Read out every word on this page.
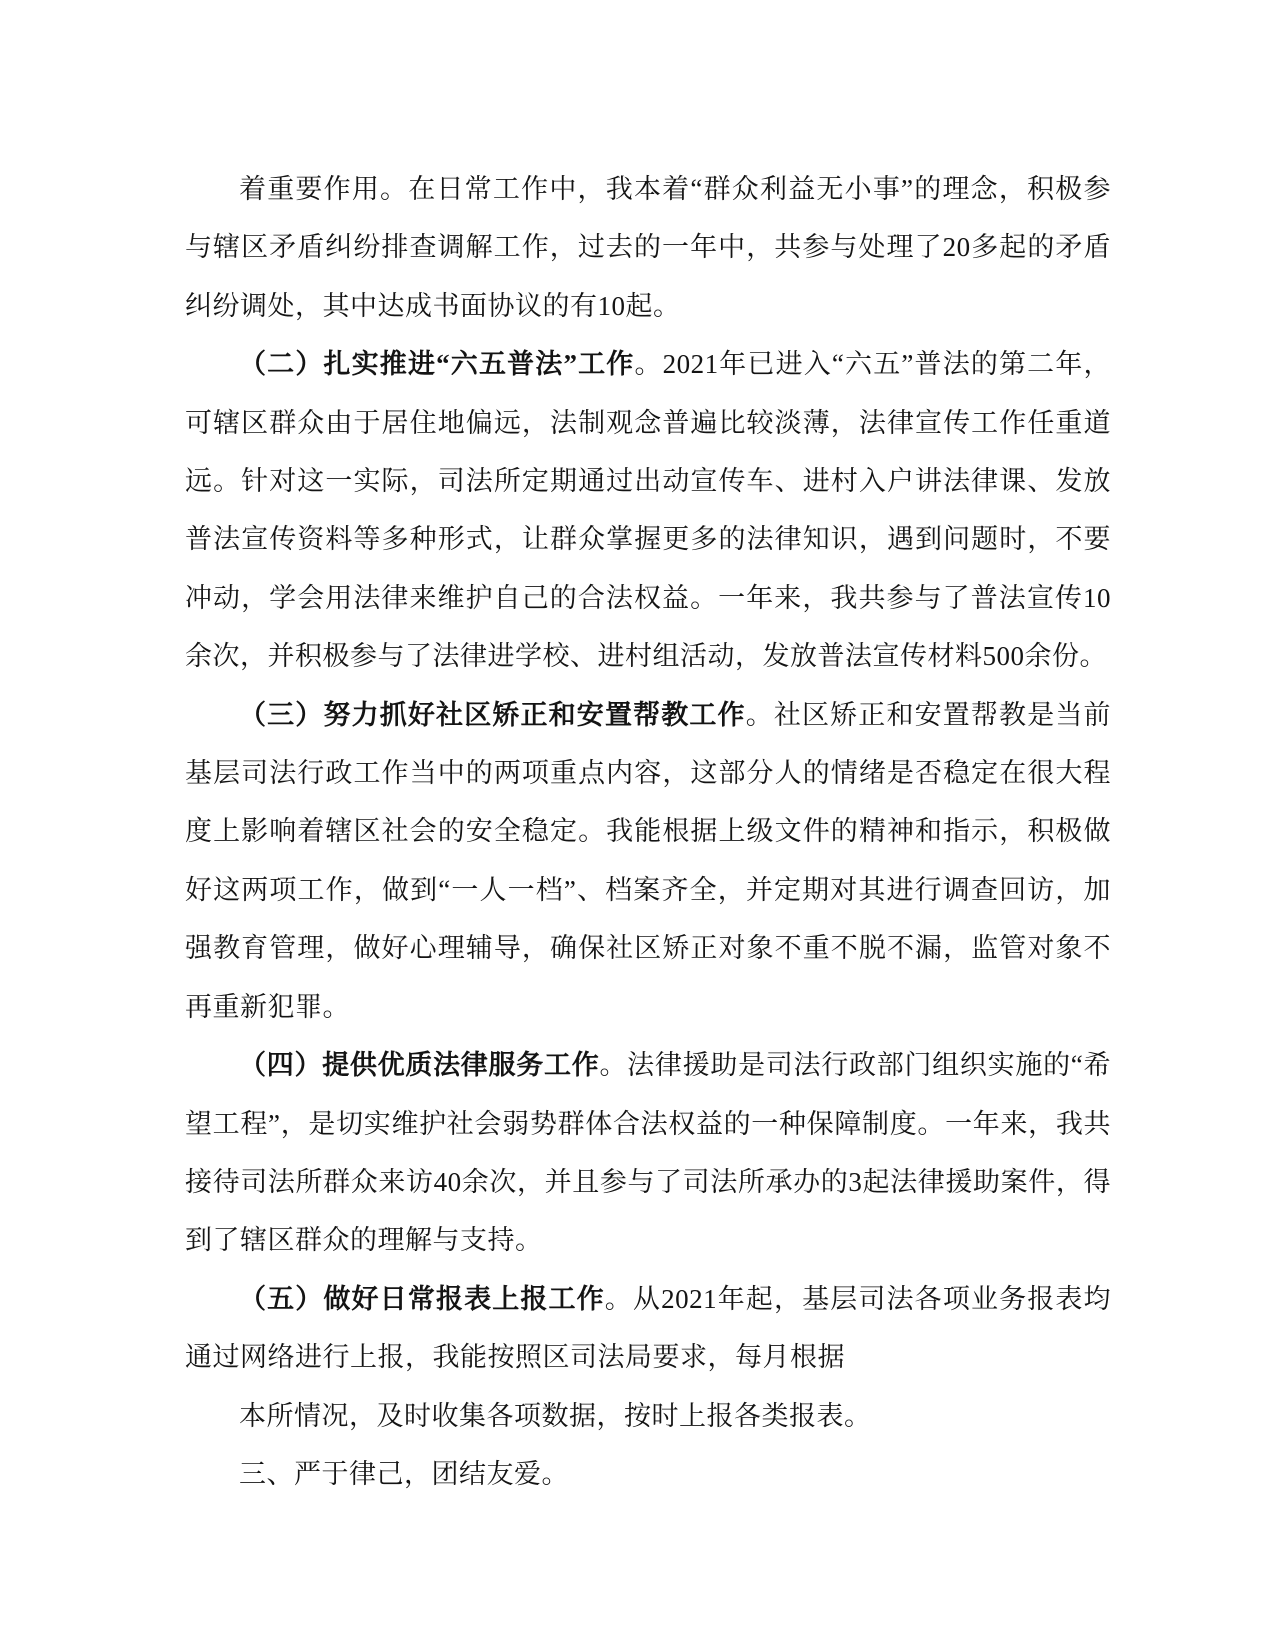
着重要作用。在日常工作中，我本着“群众利益无小事”的理念，积极参与辖区矛盾纠纷排查调解工作，过去的一年中，共参与处理了20多起的矛盾纠纷调处，其中达成书面协议的有10起。

（二）扎实推进“六五普法”工作。2021年已进入“六五”普法的第二年，可辖区群众由于居住地偏远，法制观念普遍比较淡薄，法律宣传工作任重道远。针对这一实际，司法所定期通过出动宣传车、进村入户讲法律课、发放普法宣传资料等多种形式，让群众掌握更多的法律知识，遇到问题时，不要冲动，学会用法律来维护自己的合法权益。一年来，我共参与了普法宣传10余次，并积极参与了法律进学校、进村组活动，发放普法宣传材料500余份。

（三）努力抓好社区矫正和安置帮教工作。社区矫正和安置帮教是当前基层司法行政工作当中的两项重点内容，这部分人的情绪是否稳定在很大程度上影响着辖区社会的安全稳定。我能根据上级文件的精神和指示，积极做好这两项工作，做到“一人一档”、档案齐全，并定期对其进行调查回访，加强教育管理，做好心理辅导，确保社区矫正对象不重不脱不漏，监管对象不再重新犯罪。

（四）提供优质法律服务工作。法律援助是司法行政部门组织实施的“希望工程”，是切实维护社会弱势群体合法权益的一种保障制度。一年来，我共接待司法所群众来访40余次，并且参与了司法所承办的3起法律援助案件，得到了辖区群众的理解与支持。

（五）做好日常报表上报工作。从2021年起，基层司法各项业务报表均通过网络进行上报，我能按照区司法局要求，每月根据

本所情况，及时收集各项数据，按时上报各类报表。

三、严于律己，团结友爱。
